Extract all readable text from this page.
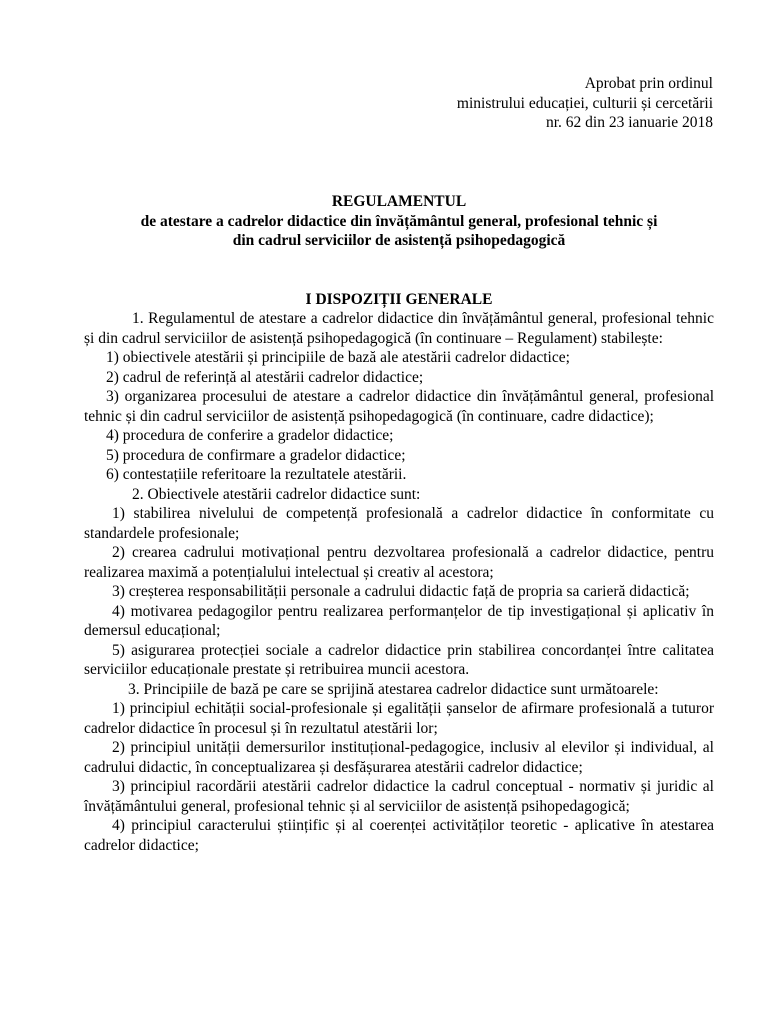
Aprobat prin ordinul
ministrului educației, culturii și cercetării
nr. 62 din 23 ianuarie 2018
REGULAMENTUL
de atestare a cadrelor didactice din învățământul general, profesional tehnic și
din cadrul serviciilor de asistență psihopedagogică
I DISPOZIȚII GENERALE

1. Regulamentul de atestare a cadrelor didactice din învățământul general, profesional tehnic și din cadrul serviciilor de asistență psihopedagogică (în continuare – Regulament) stabilește:

1) obiectivele atestării și principiile de bază ale atestării cadrelor didactice;

2) cadrul de referință al atestării cadrelor didactice;

3) organizarea procesului de atestare a cadrelor didactice din învățământul general, profesional tehnic și din cadrul serviciilor de asistență psihopedagogică (în continuare, cadre didactice);

4) procedura de conferire a gradelor didactice;

5) procedura de confirmare a gradelor didactice;

6) contestațiile referitoare la rezultatele atestării.

2. Obiectivele atestării cadrelor didactice sunt:

1) stabilirea nivelului de competență profesională a cadrelor didactice în conformitate cu standardele profesionale;

2) crearea cadrului motivațional pentru dezvoltarea profesională a cadrelor didactice, pentru realizarea maximă a potențialului intelectual și creativ al acestora;

3) creșterea responsabilității personale a cadrului didactic față de propria sa carieră didactică;

4) motivarea pedagogilor pentru realizarea performanțelor de tip investigațional și aplicativ în demersul educațional;

5) asigurarea protecției sociale a cadrelor didactice prin stabilirea concordanței între calitatea serviciilor educaționale prestate și retribuirea muncii acestora.

3. Principiile de bază pe care se sprijină atestarea cadrelor didactice sunt următoarele:

1) principiul echității social-profesionale și egalității șanselor de afirmare profesională a tuturor cadrelor didactice în procesul și în rezultatul atestării lor;

2) principiul unității demersurilor instituțional-pedagogice, inclusiv al elevilor și individual, al cadrului didactic, în conceptualizarea și desfășurarea atestării cadrelor didactice;

3) principiul racordării atestării cadrelor didactice la cadrul conceptual - normativ și juridic al învățământului general, profesional tehnic și al serviciilor de asistență psihopedagogică;

4) principiul caracterului științific și al coerenței activităților teoretic - aplicative în atestarea cadrelor didactice;
